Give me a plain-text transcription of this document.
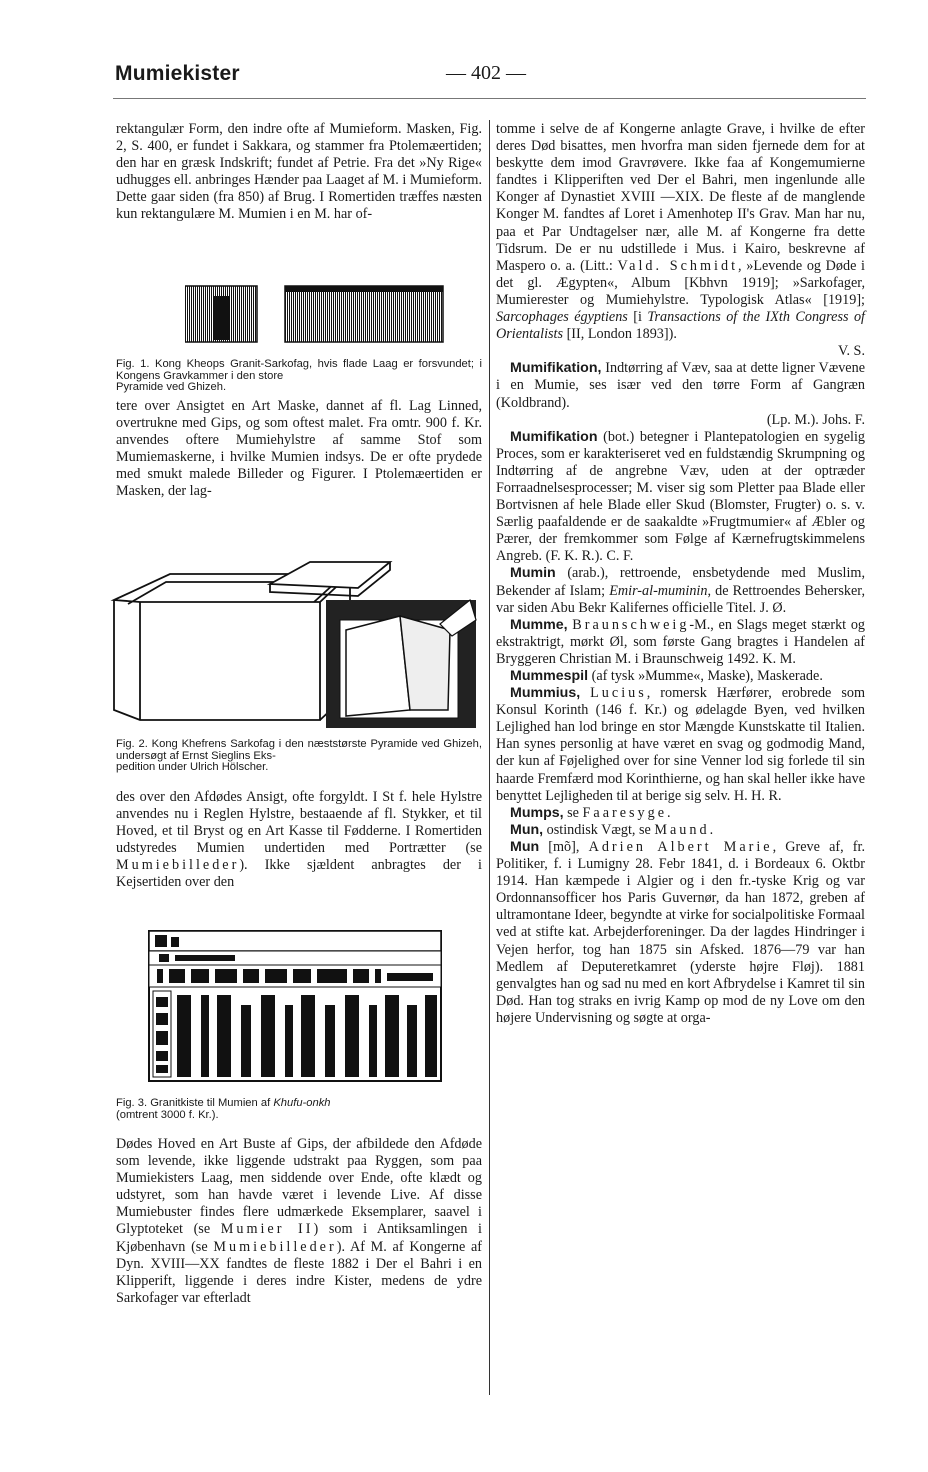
Mumiekister	— 402 —

rektangulær Form, den indre ofte af Mumieform. Masken, Fig. 2, S. 400, er fundet i Sakkara, og stammer fra Ptolemæertiden; den har en græsk Indskrift; fundet af Petrie. Fra det »Ny Rige« udhugges ell. anbringes Hænder paa Laaget af M. i Mumieform. Dette gaar siden (fra 850) af Brug. I Romertiden træffes næsten kun rektangulære M. Mumien i en M. har of-

Fig. 1. Kong Kheops Granit-Sarkofag, hvis flade Laag er forsvundet; i Kongens Gravkammer i den store

Pyramide ved Ghizeh.

tere over Ansigtet en Art Maske, dannet af fl. Lag Linned, overtrukne med Gips, og som oftest malet. Fra omtr. 900 f. Kr. anvendes oftere Mumiehylstre af samme Stof som Mumiemaskerne, i hvilke Mumien indsys. De er ofte prydede med smukt malede Billeder og Figurer. I Ptolemæertiden er Masken, der lag-

Fig. 2. Kong Khefrens Sarkofag i den næststørste Pyramide ved Ghizeh, undersøgt af Ernst Sieglins Eks-

pedition under Ulrich Hölscher.

des over den Afdødes Ansigt, ofte forgyldt. I St f. hele Hylstre anvendes nu i Reglen Hylstre, bestaaende af fl. Stykker, et til Hoved, et til Bryst og en Art Kasse til Fødderne. I Romertiden udstyredes Mumien undertiden med Portrætter (se Mumiebilleder). Ikke sjældent anbragtes der i Kejsertiden over den

Fig. 3. Granitkiste til Mumien af Khufu-onkh

(omtrent 3000 f. Kr.).

Dødes Hoved en Art Buste af Gips, der afbildede den Afdøde som levende, ikke liggende udstrakt paa Ryggen, som paa Mumiekisters Laag, men siddende over Ende, ofte klædt og udstyret, som han havde været i levende Live. Af disse Mumiebuster findes flere udmærkede Eksemplarer, saavel i Glyptoteket (se Mumier II) som i Antiksamlingen i Kjøbenhavn (se Mumiebilleder). Af M. af Kongerne af Dyn. XVIII—XX fandtes de fleste 1882 i Der el Bahri i en Klipperift, liggende i deres indre Kister, medens de ydre Sarkofager var efterladt

tomme i selve de af Kongerne anlagte Grave, i hvilke de efter deres Død bisattes, men hvorfra man siden fjernede dem for at beskytte dem imod Gravrøvere. Ikke faa af Kongemumierne fandtes i Klipperiften ved Der el Bahri, men ingenlunde alle Konger af Dynastiet XVIII —XIX. De fleste af de manglende Konger M. fandtes af Loret i Amenhotep II's Grav. Man har nu, paa et Par Undtagelser nær, alle M. af Kongerne fra dette Tidsrum. De er nu udstillede i Mus. i Kairo, beskrevne af Maspero o. a. (Litt.: Vald. Schmidt, »Levende og Døde i det gl. Ægypten«, Album [Kbhvn 1919]; »Sarkofager, Mumierester og Mumiehylstre. Typologisk Atlas« [1919]; Sarcophages égyptiens [i Transactions of the IXth Congress of Orientalists [II, London 1893]).

V. S.

Mumifikation, Indtørring af Væv, saa at dette ligner Vævene i en Mumie, ses især ved den tørre Form af Gangræn (Koldbrand).

(Lp. M.). Johs. F.

Mumifikation (bot.) betegner i Plantepatologien en sygelig Proces, som er karakteriseret ved en fuldstændig Skrumpning og Indtørring af de angrebne Væv, uden at der optræder Forraadnelsesprocesser; M. viser sig som Pletter paa Blade eller Bortvisnen af hele Blade eller Skud (Blomster, Frugter) o. s. v. Særlig paafaldende er de saakaldte »Frugtmumier« af Æbler og Pærer, der fremkommer som Følge af Kærnefrugtskimmelens Angreb. (F. K. R.). C. F.

Mumin (arab.), rettroende, ensbetydende med Muslim, Bekender af Islam; Emir-al-muminin, de Rettroendes Behersker, var siden Abu Bekr Kalifernes officielle Titel. J. Ø.

Mumme, Braunschweig-M., en Slags meget stærkt og ekstraktrigt, mørkt Øl, som første Gang bragtes i Handelen af Bryggeren Christian M. i Braunschweig 1492. K. M.

Mummespil (af tysk »Mumme«, Maske), Maskerade.

Mummius, Lucius, romersk Hærfører, erobrede som Konsul Korinth (146 f. Kr.) og ødelagde Byen, ved hvilken Lejlighed han lod bringe en stor Mængde Kunstskatte til Italien. Han synes personlig at have været en svag og godmodig Mand, der kun af Føjelighed over for sine Venner lod sig forlede til sin haarde Fremfærd mod Korinthierne, og han skal heller ikke have benyttet Lejligheden til at berige sig selv. H. H. R.

Mumps, se Faaresyge.

Mun, ostindisk Vægt, se Maund.

Mun [mõ], Adrien Albert Marie, Greve af, fr. Politiker, f. i Lumigny 28. Febr 1841, d. i Bordeaux 6. Oktbr 1914. Han kæmpede i Algier og i den fr.-tyske Krig og var Ordonnansofficer hos Paris Guvernør, da han 1872, greben af ultramontane Ideer, begyndte at virke for socialpolitiske Formaal ved at stifte kat. Arbejderforeninger. Da der lagdes Hindringer i Vejen herfor, tog han 1875 sin Afsked. 1876—79 var han Medlem af Deputeretkamret (yderste højre Fløj). 1881 genvalgtes han og sad nu med en kort Afbrydelse i Kamret til sin Død. Han tog straks en ivrig Kamp op mod de ny Love om den højere Undervisning og søgte at orga-
